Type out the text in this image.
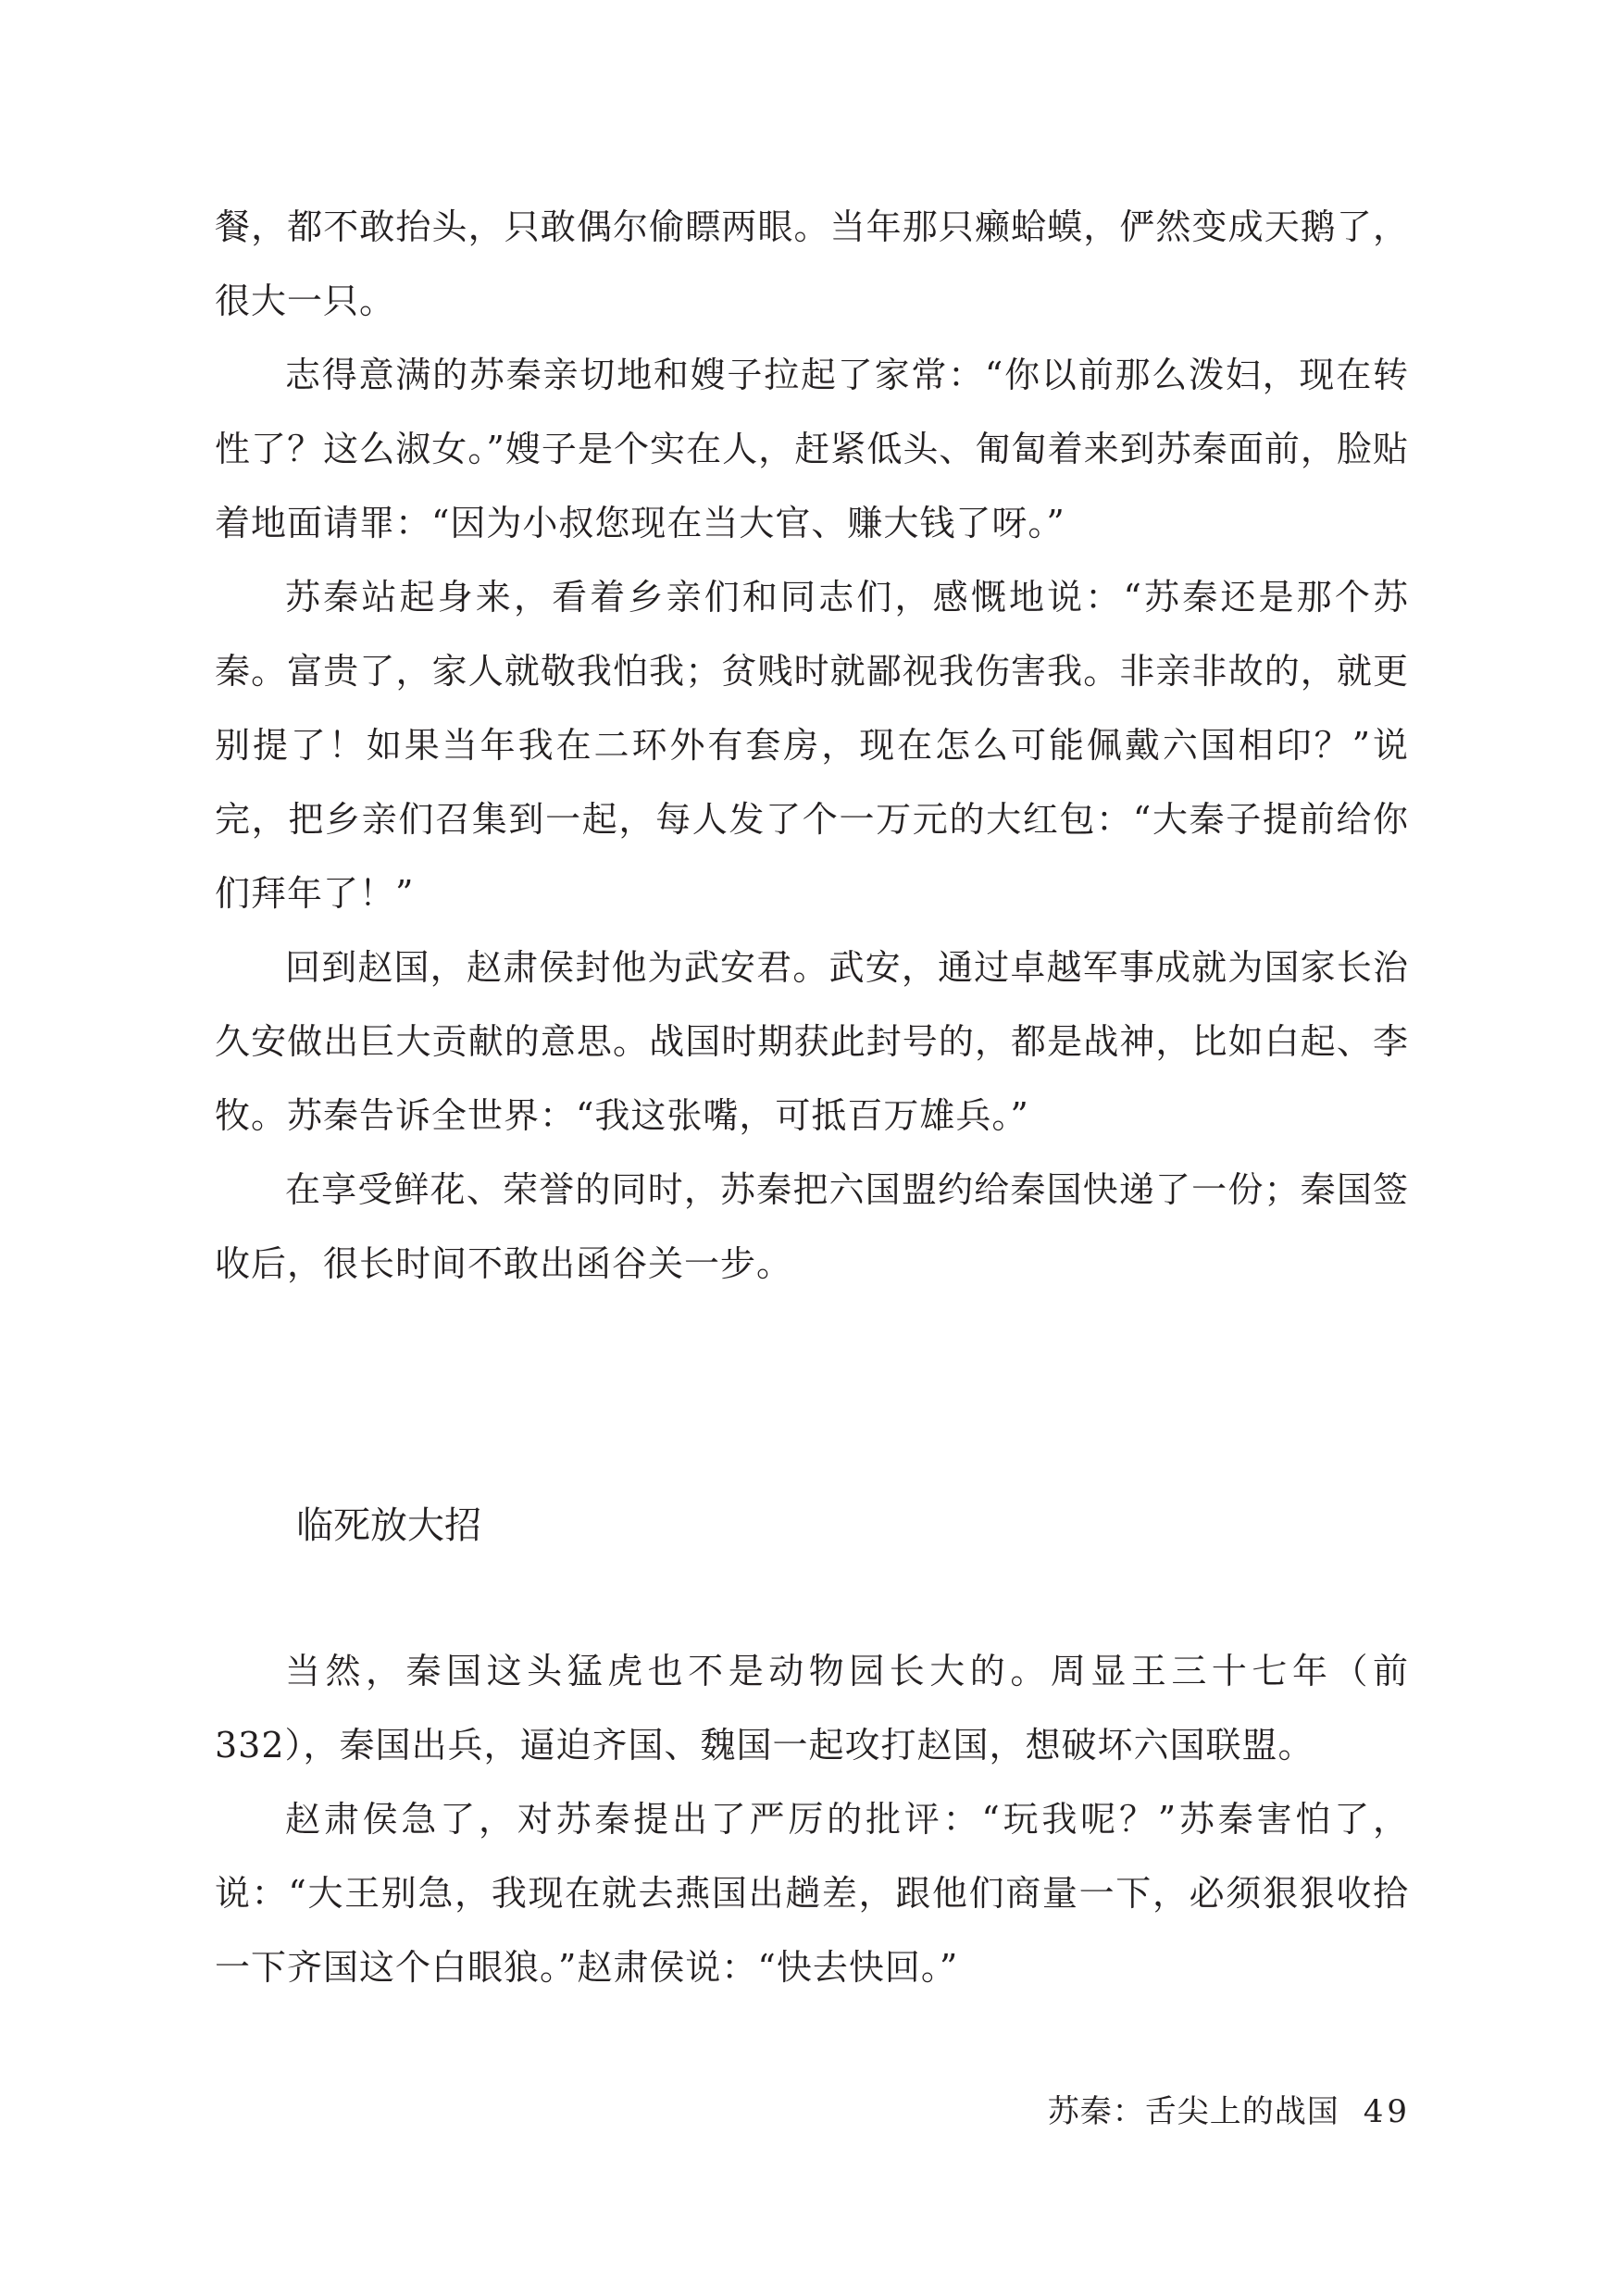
餐，都不敢抬头，只敢偶尔偷瞟两眼。当年那只癞蛤蟆，俨然变成天鹅了，很大一只。

志得意满的苏秦亲切地和嫂子拉起了家常：“你以前那么泼妇，现在转性了？这么淑女。”嫂子是个实在人，赶紧低头、匍匐着来到苏秦面前，脸贴着地面请罪：“因为小叔您现在当大官、赚大钱了呀。”

苏秦站起身来，看着乡亲们和同志们，感慨地说：“苏秦还是那个苏秦。富贵了，家人就敬我怕我；贫贱时就鄙视我伤害我。非亲非故的，就更别提了！如果当年我在二环外有套房，现在怎么可能佩戴六国相印？”说完，把乡亲们召集到一起，每人发了个一万元的大红包：“大秦子提前给你们拜年了！”

回到赵国，赵肃侯封他为武安君。武安，通过卓越军事成就为国家长治久安做出巨大贡献的意思。战国时期获此封号的，都是战神，比如白起、李牧。苏秦告诉全世界：“我这张嘴，可抵百万雄兵。”

在享受鲜花、荣誉的同时，苏秦把六国盟约给秦国快递了一份；秦国签收后，很长时间不敢出函谷关一步。

临死放大招

当然，秦国这头猛虎也不是动物园长大的。周显王三十七年（前332），秦国出兵，逼迫齐国、魏国一起攻打赵国，想破坏六国联盟。

赵肃侯急了，对苏秦提出了严厉的批评：“玩我呢？”苏秦害怕了，说：“大王别急，我现在就去燕国出趟差，跟他们商量一下，必须狠狠收拾一下齐国这个白眼狼。”赵肃侯说：“快去快回。”

苏秦：舌尖上的战国 49
